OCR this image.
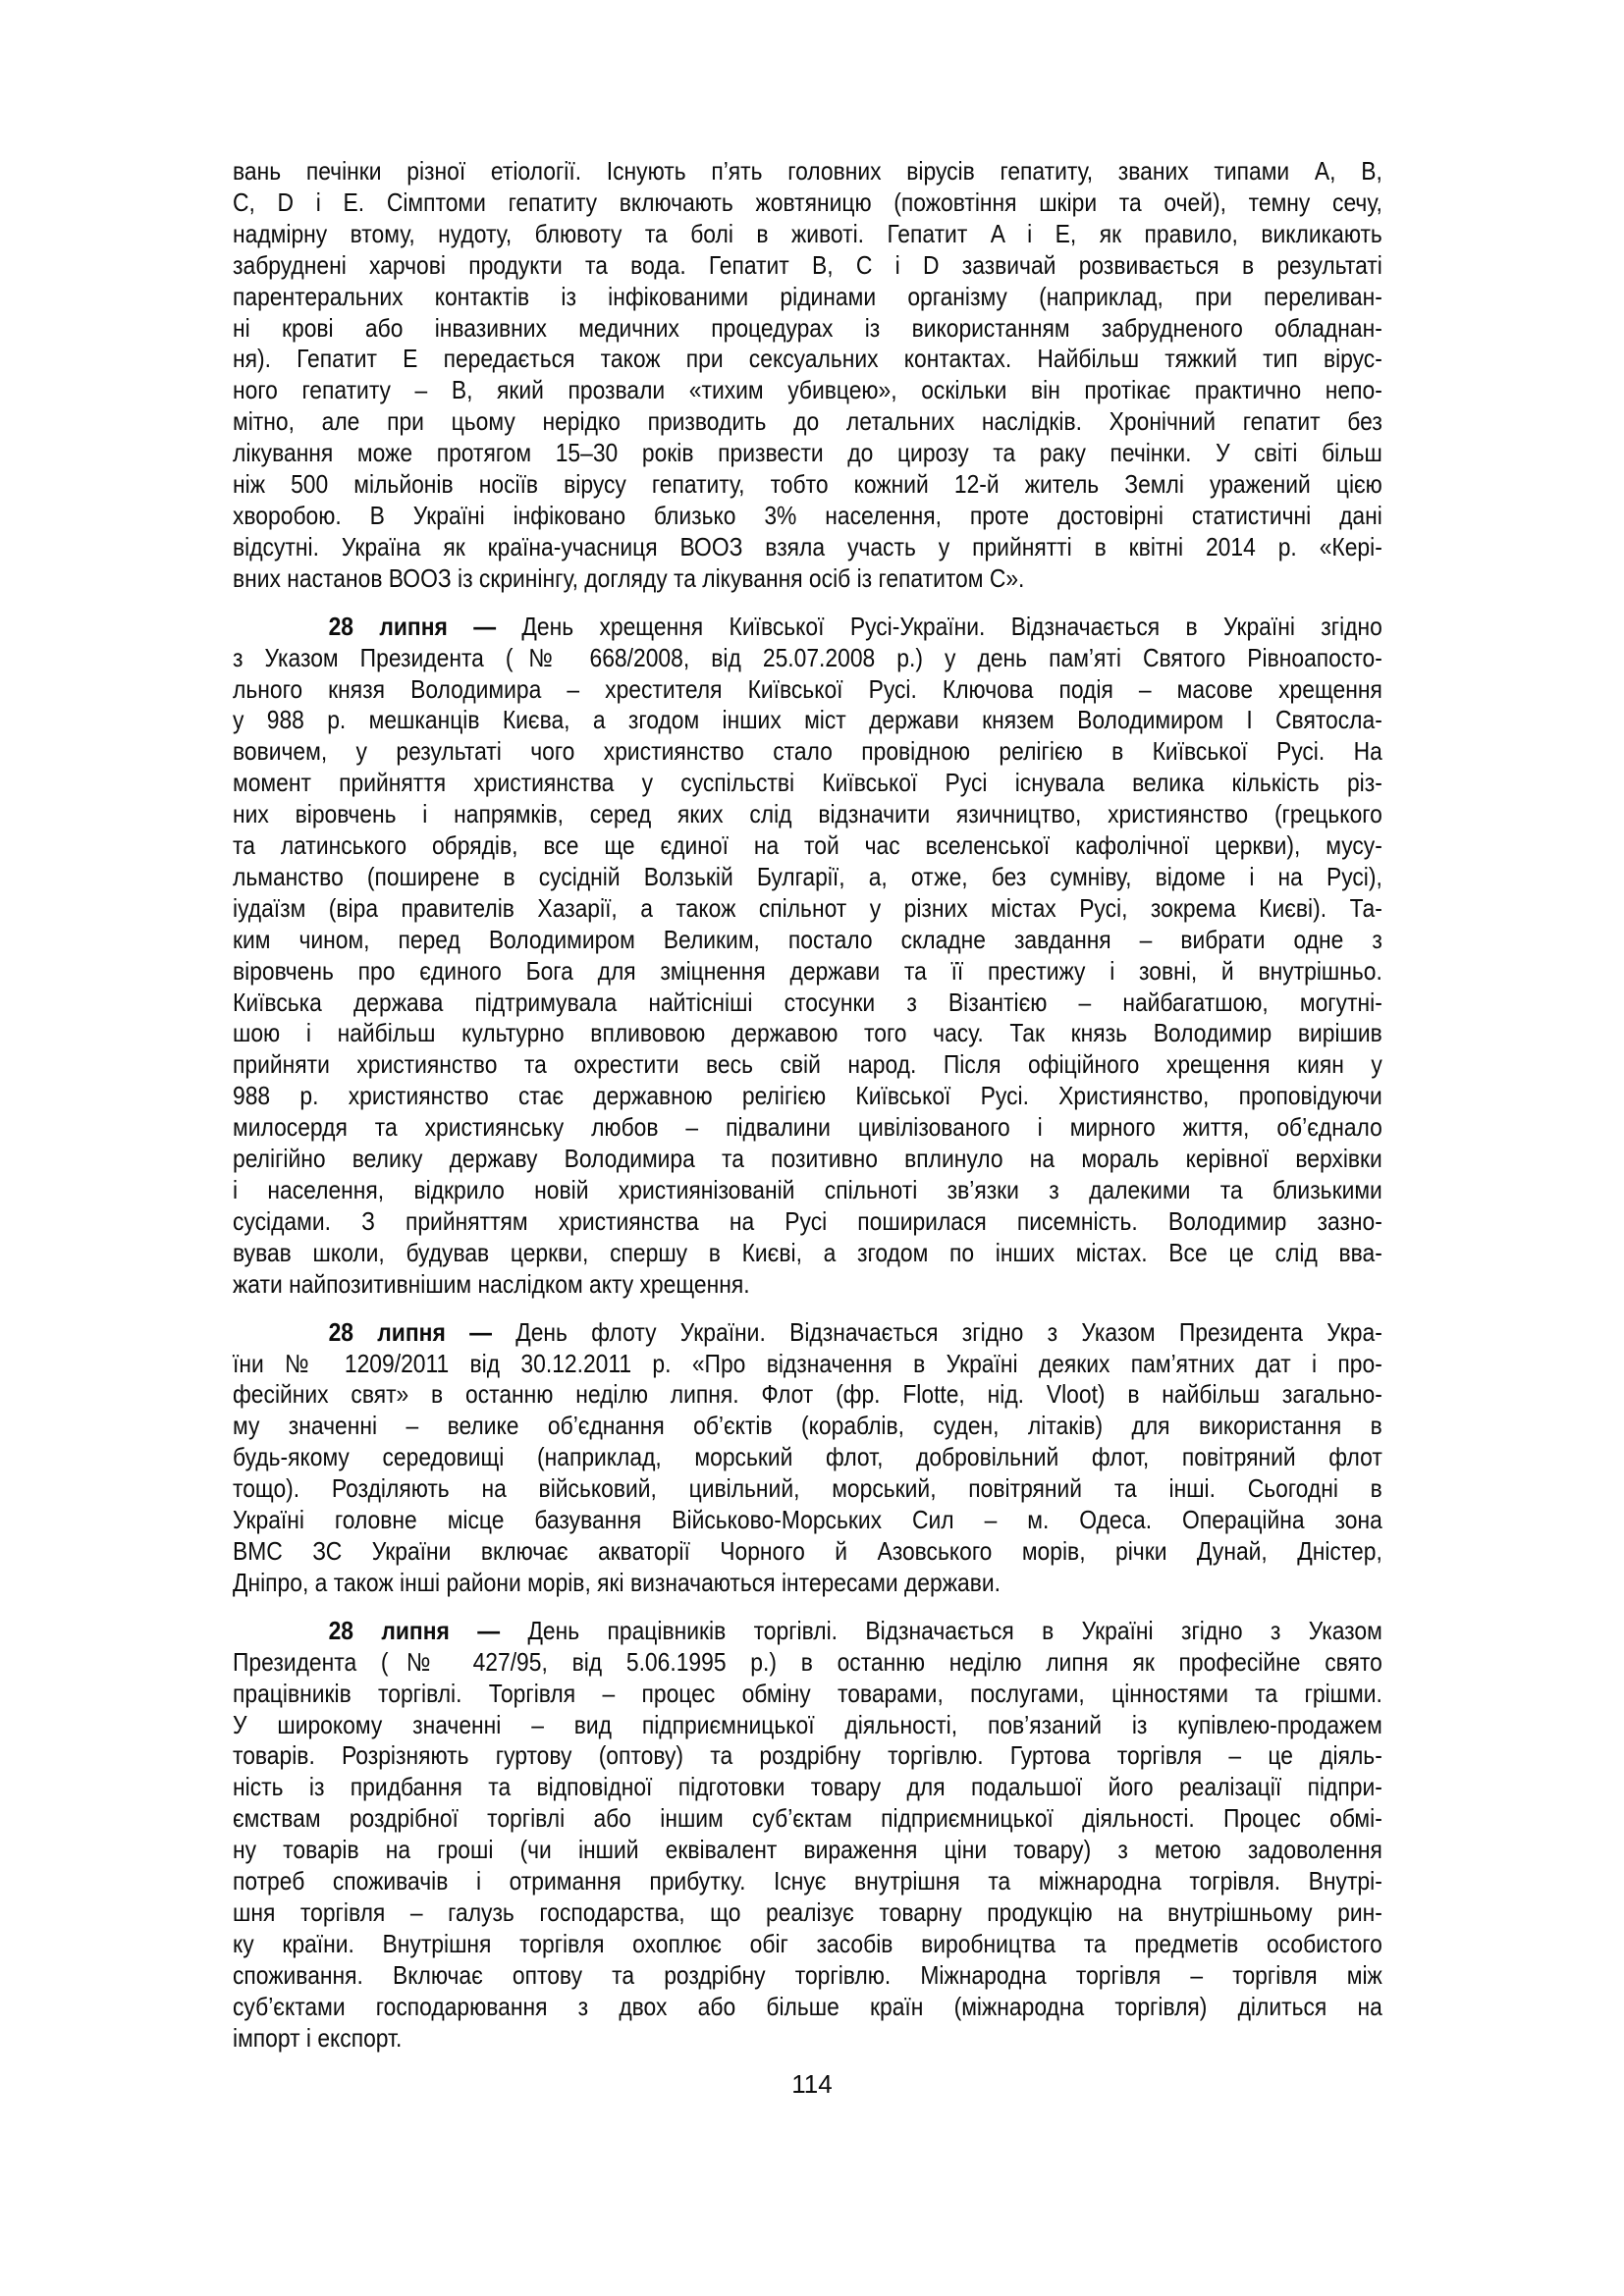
вань печінки різної етіології. Існують п’ять головних вірусів гепатиту, званих типами A, B,
C, D і E. Сімптоми гепатиту включають жовтяницю (пожовтіння шкіри та очей), темну сечу,
надмірну втому, нудоту, блювоту та болі в животі. Гепатит A і E, як правило, викликають
забруднені харчові продукти та вода. Гепатит B, C і D зазвичай розвивається в результаті
парентеральних контактів із інфікованими рідинами організму (наприклад, при переливан-
ні крові або інвазивних медичних процедурах із використанням забрудненого обладнан-
ня). Гепатит E передається також при сексуальних контактах. Найбільш тяжкий тип вірус-
ного гепатиту – B, який прозвали «тихим убивцею», оскільки він протікає практично непо-
мітно, але при цьому нерідко призводить до летальних наслідків. Хронічний гепатит без
лікування може протягом 15–30 років призвести до цирозу та раку печінки. У світі більш
ніж 500 мільйонів носіїв вірусу гепатиту, тобто кожний 12-й житель Землі уражений цією
хворобою. В Україні інфіковано близько 3% населення, проте достовірні статистичні дані
відсутні. Україна як країна-учасниця ВООЗ взяла участь у прийнятті в квітні 2014 р. «Кері-
вних настанов ВООЗ із скринінгу, догляду та лікування осіб із гепатитом С».
28 липня — День хрещення Київської Русі-України. Відзначається в Україні згідно
з Указом Президента (№ 668/2008, від 25.07.2008 р.) у день пам’яті Святого Рівноапосто-
льного князя Володимира – хрестителя Київської Русі. Ключова подія – масове хрещення
у 988 р. мешканців Києва, а згодом інших міст держави князем Володимиром І Святосла-
вовичем, у результаті чого християнство стало провідною релігією в Київської Русі. На
момент прийняття християнства у суспільстві Київської Русі існувала велика кількість різ-
них віровчень і напрямків, серед яких слід відзначити язичництво, християнство (грецького
та латинського обрядів, все ще єдиної на той час вселенської кафолічної церкви), мусу-
льманство (поширене в сусідній Волзькій Булгарії, а, отже, без сумніву, відоме і на Русі),
іудаїзм (віра правителів Хазарії, а також спільнот у різних містах Русі, зокрема Києві). Та-
ким чином, перед Володимиром Великим, постало складне завдання – вибрати одне з
віровчень про єдиного Бога для зміцнення держави та її престижу і зовні, й внутрішньо.
Київська держава підтримувала найтісніші стосунки з Візантією – найбагатшою, могутні-
шою і найбільш культурно впливовою державою того часу. Так князь Володимир вирішив
прийняти християнство та охрестити весь свій народ. Після офіційного хрещення киян у
988 р. християнство стає державною релігією Київської Русі. Християнство, проповідуючи
милосердя та християнську любов – підвалини цивілізованого і мирного життя, об’єднало
релігійно велику державу Володимира та позитивно вплинуло на мораль керівної верхівки
і населення, відкрило новій християнізованій спільноті зв’язки з далекими та близькими
сусідами. З прийняттям християнства на Русі поширилася писемність. Володимир зазно-
вував школи, будував церкви, спершу в Києві, а згодом по інших містах. Все це слід вва-
жати найпозитивнішим наслідком акту хрещення.
28 липня — День флоту України. Відзначається згідно з Указом Президента Укра-
їни № 1209/2011 від 30.12.2011 р. «Про відзначення в Україні деяких пам’ятних дат і про-
фесійних свят» в останню неділю липня. Флот (фр. Flotte, нід. Vloot) в найбільш загально-
му значенні – велике об’єднання об’єктів (кораблів, суден, літаків) для використання в
будь-якому середовищі (наприклад, морський флот, добровільний флот, повітряний флот
тощо). Розділяють на військовий, цивільний, морський, повітряний та інші. Сьогодні в
Україні головне місце базування Військово-Морських Сил – м. Одеса. Операційна зона
ВМС ЗС України включає акваторії Чорного й Азовського морів, річки Дунай, Дністер,
Дніпро, а також інші райони морів, які визначаються інтересами держави.
28 липня — День працівників торгівлі. Відзначається в Україні згідно з Указом
Президента (№ 427/95, від 5.06.1995 р.) в останню неділю липня як професійне свято
працівників торгівлі. Торгівля – процес обміну товарами, послугами, цінностями та грішми.
У широкому значенні – вид підприємницької діяльності, пов’язаний із купівлею-продажем
товарів. Розрізняють гуртову (оптову) та роздрібну торгівлю. Гуртова торгівля – це діяль-
ність із придбання та відповідної підготовки товару для подальшої його реалізації підпри-
ємствам роздрібної торгівлі або іншим суб’єктам підприємницької діяльності. Процес обмі-
ну товарів на гроші (чи інший еквівалент вираження ціни товару) з метою задоволення
потреб споживачів і отримання прибутку. Існує внутрішня та міжнародна тогрівля. Внутрі-
шня торгівля – галузь господарства, що реалізує товарну продукцію на внутрішньому рин-
ку країни. Внутрішня торгівля охоплює обіг засобів виробництва та предметів особистого
споживання. Включає оптову та роздрібну торгівлю. Міжнародна торгівля – торгівля між
суб’єктами господарювання з двох або більше країн (міжнародна торгівля) ділиться на
імпорт і експорт.
114
